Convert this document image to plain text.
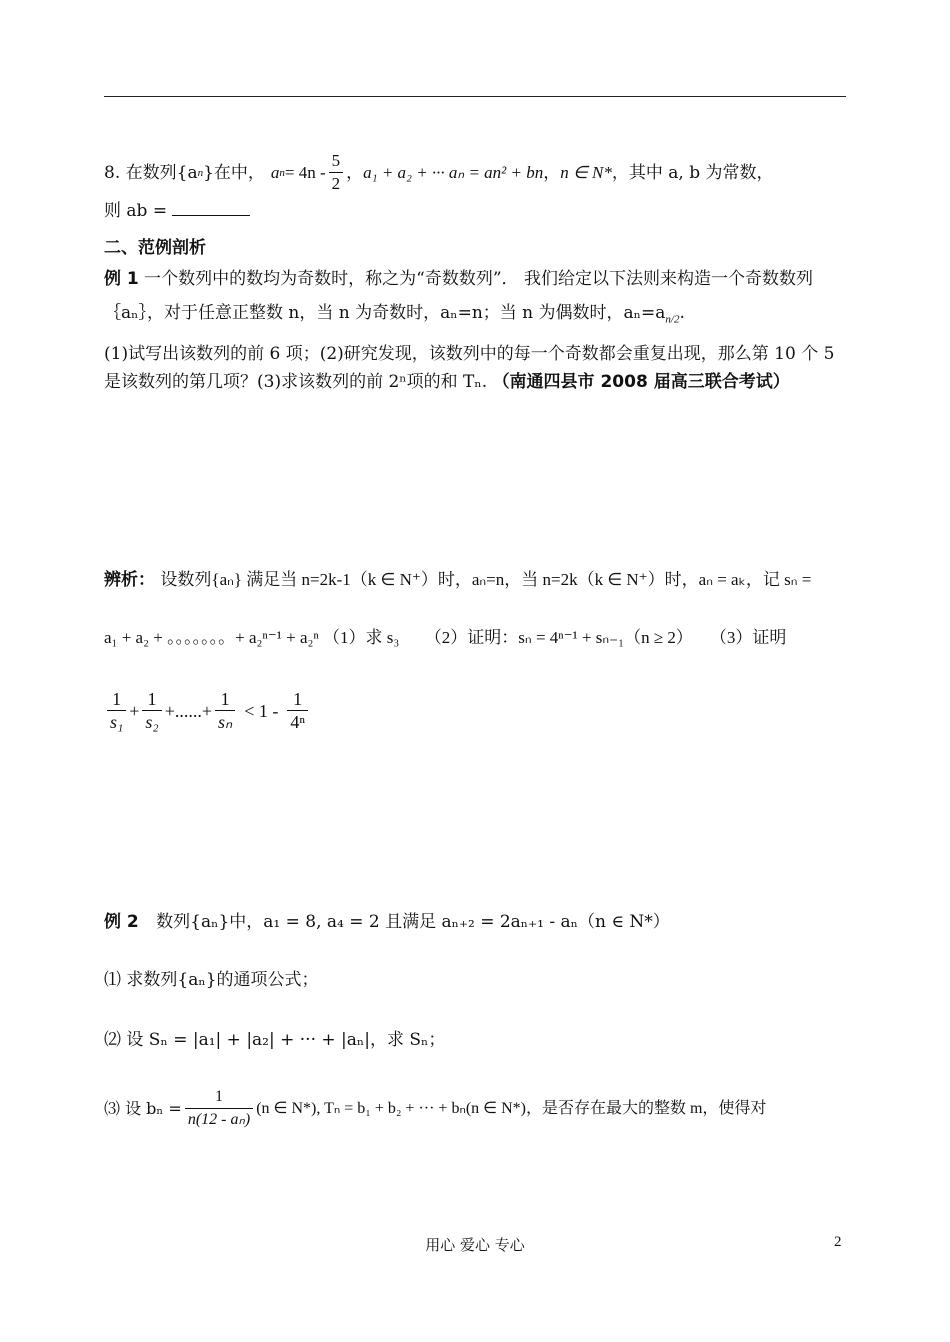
8. 在数列{a n }在中， a $n = 4n - \frac{5}{2}$ ， a₁ + a₂ + ··· aₙ = an² + bn ， n ∈ N* ，其中 a, b 为常数，
则 ab =
二、范例剖析
例 1 一个数列中的数均为奇数时，称之为“奇数数列”． 我们给定以下法则来构造一个奇数数列｛aₙ｝，对于任意正整数 n，当 n 为奇数时，aₙ=n；当 n 为偶数时，$a_n=a_{n/2}$.
(1)试写出该数列的前 6 项；(2)研究发现，该数列中的每一个奇数都会重复出现，那么第 10 个 5 是该数列的第几项？(3)求该数列的前 2ⁿ项的和 Tₙ. （南通四县市 2008 届高三联合考试）
辨析： 设数列{aₙ} 满足当 n=2k-1（k ∈ N⁺）时，aₙ=n，当 n=2k（k ∈ N⁺）时，aₙ = aₖ，记 sₙ =
a₁ + a₂ + 。。。。。。。+ a₂ⁿ⁻¹ + a₂ⁿ （1）求 s₃　　（2）证明：sₙ = 4ⁿ⁻¹ + sₙ₋₁（n ≥ 2）　　（3）证明
$\frac{1}{\text{s₁}} + \frac{1}{\text{s₂}}$ +......+ $\frac{1}{\text{sₙ}} < 1 - \frac{1}{\text{4ⁿ}}$
例 2 数列{aₙ}中，a₁ = 8, a₄ = 2 且满足 aₙ₊₂ = 2aₙ₊₁ - aₙ（n ∈ N*）
⑴ 求数列{aₙ}的通项公式；
⑵ 设 Sₙ = |a₁| + |a₂| + ··· + |aₙ|，求 Sₙ；
⑶ 设 $b_n = \frac{1}{\text{n(12 - aₙ)}} (n$ ∈ N*), Tₙ = b₁ + b₂ + ··· + bₙ(n ∈ N*)，是否存在最大的整数 m，使得对
用心 爱心 专心	2
